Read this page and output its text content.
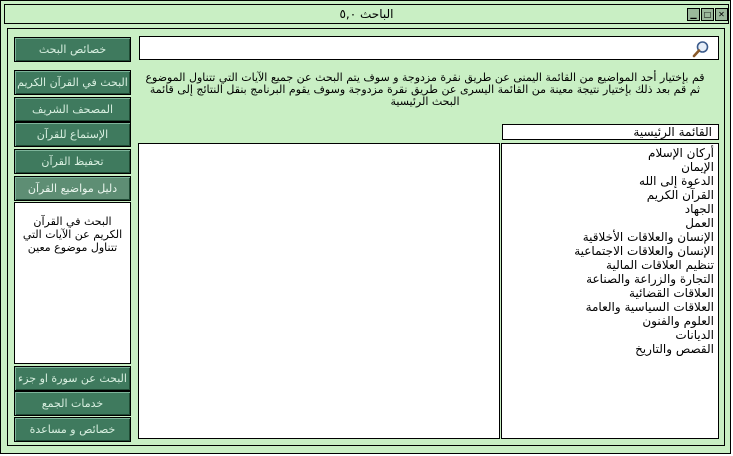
الباحث ٥,٠	▁ □ ✕
خصائص البحث
البحث في القرآن الكريم
المصحف الشريف
الإستماع للقرآن
تحفيظ القرآن
دليل مواضيع القرآن
البحث في القرآن الكريم عن الآيات التي تتناول موضوع معين
البحث عن سورة او جزء
خدمات الجمع
خصائص و مساعدة
قم بإختيار أحد المواضيع من القائمة اليمنى عن طريق نقرة مزدوجة و سوف يتم البحث عن جميع الآيات التي تتناول الموضوع ثم قم بعد ذلك بإختيار نتيجة معينة من القائمة اليسرى عن طريق نقرة مزدوجة وسوف يقوم البرنامج بنقل النتائج إلى قائمة البحث الرئيسية
القائمة الرئيسية
أركان الإسلام
الإيمان
الدعوة إلى الله
القرآن الكريم
الجهاد
العمل
الإنسان والعلاقات الأخلاقية
الإنسان والعلاقات الاجتماعية
تنظيم العلاقات المالية
التجارة والزراعة والصناعة
العلاقات القضائية
العلاقات السياسية والعامة
العلوم والفنون
الديانات
القصص والتاريخ
